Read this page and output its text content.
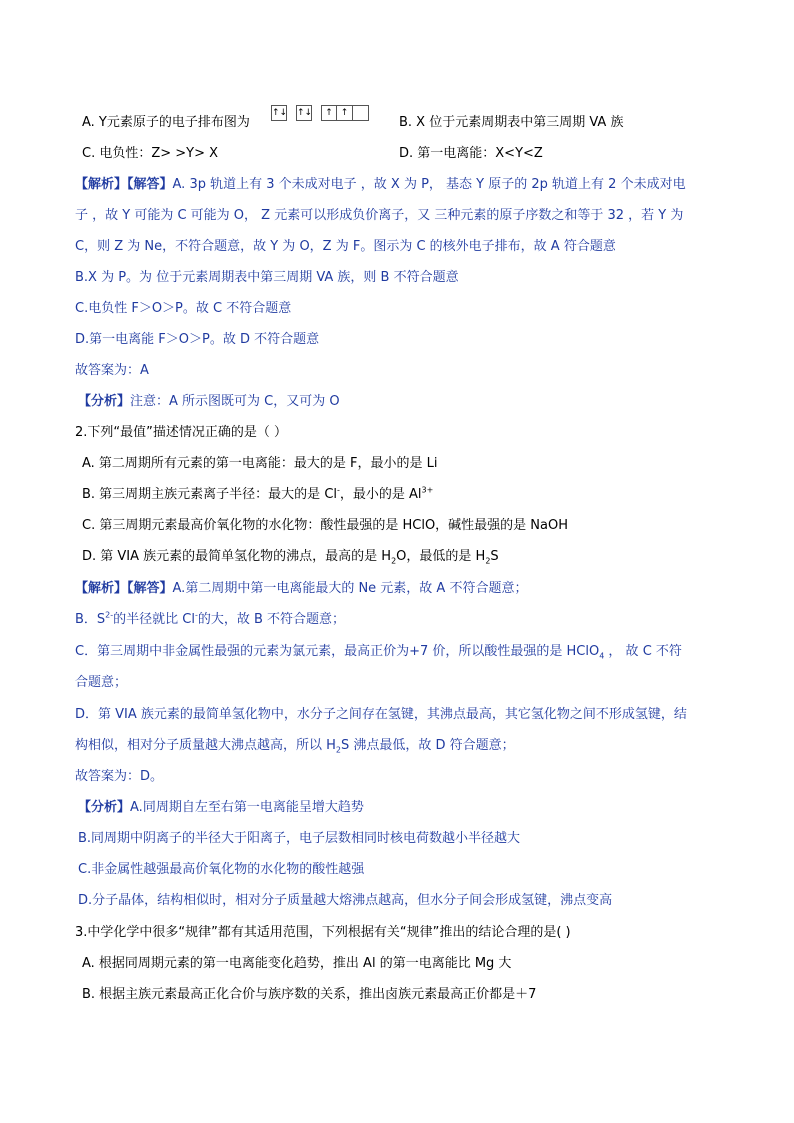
A. Y元素原子的电子排布图为
↑↓ ↑↓	↑ ↑
B. X 位于元素周期表中第三周期 VA 族
C. 电负性：Z> >Y> X	D. 第一电离能：X<Y<Z
【解析】【解答】A. 3p 轨道上有 3 个未成对电子 ，故 X 为 P， 基态 Y 原子的 2p 轨道上有 2 个未成对电
子 ，故 Y 可能为 C 可能为 O， Z 元素可以形成负价离子，又 三种元素的原子序数之和等于 32 ，若 Y 为
C，则 Z 为 Ne，不符合题意，故 Y 为 O，Z 为 F。图示为 C 的核外电子排布，故 A 符合题意
B.X 为 P。为 位于元素周期表中第三周期 VA 族，则 B 不符合题意
C.电负性 F＞O＞P。故 C 不符合题意
D.第一电离能 F＞O＞P。故 D 不符合题意
故答案为：A
【分析】注意：A 所示图既可为 C，又可为 O
2.下列“最值”描述情况正确的是（ ）
A. 第二周期所有元素的第一电离能：最大的是 F，最小的是 Li
B. 第三周期主族元素离子半径：最大的是 Cl-，最小的是 $Al^{3+}$
C. 第三周期元素最高价氧化物的水化物：酸性最强的是 HClO，碱性最强的是 NaOH
D. 第 VIA 族元素的最简单氢化物的沸点，最高的是 $H_2O$，最低的是 $H_2S$
【解析】【解答】A.第二周期中第一电离能最大的 Ne 元素，故 A 不符合题意；
B．$S^{2-}$的半径就比 Cl-的大，故 B 不符合题意；
C．第三周期中非金属性最强的元素为氯元素，最高正价为+7 价，所以酸性最强的是 HClO$_4$ ， 故 C 不符
合题意；
D．第 VIA 族元素的最简单氢化物中，水分子之间存在氢键，其沸点最高，其它氢化物之间不形成氢键，结
构相似，相对分子质量越大沸点越高，所以 $H_2S$ 沸点最低，故 D 符合题意；
故答案为：D。
【分析】A.同周期自左至右第一电离能呈增大趋势
B.同周期中阴离子的半径大于阳离子，电子层数相同时核电荷数越小半径越大
C.非金属性越强最高价氧化物的水化物的酸性越强
D.分子晶体，结构相似时，相对分子质量越大熔沸点越高，但水分子间会形成氢键，沸点变高
3.中学化学中很多“规律”都有其适用范围，下列根据有关“规律”推出的结论合理的是( )
A. 根据同周期元素的第一电离能变化趋势，推出 Al 的第一电离能比 Mg 大
B. 根据主族元素最高正化合价与族序数的关系，推出卤族元素最高正价都是＋7
